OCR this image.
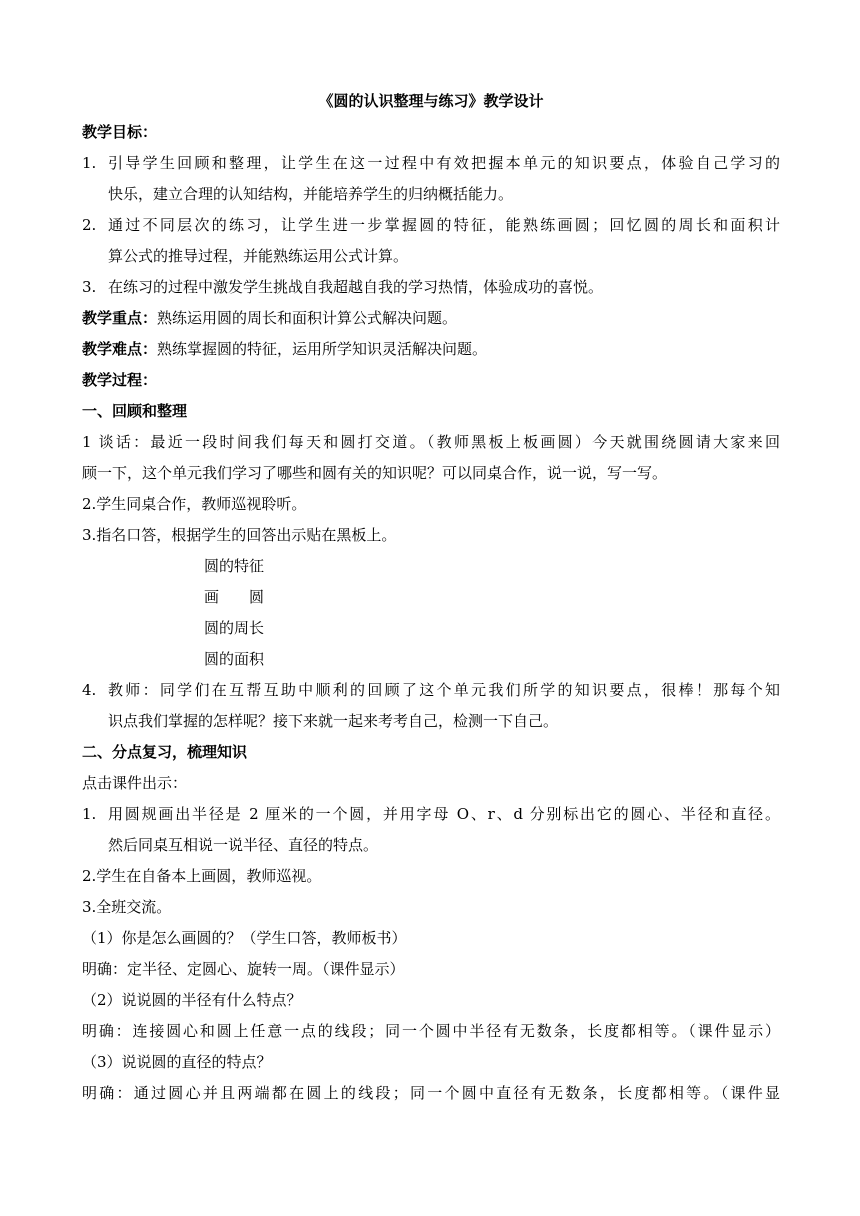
《圆的认识整理与练习》教学设计
教学目标：
1. 引导学生回顾和整理，让学生在这一过程中有效把握本单元的知识要点，体验自己学习的
快乐，建立合理的认知结构，并能培养学生的归纳概括能力。
2. 通过不同层次的练习，让学生进一步掌握圆的特征，能熟练画圆；回忆圆的周长和面积计
算公式的推导过程，并能熟练运用公式计算。
3. 在练习的过程中激发学生挑战自我超越自我的学习热情，体验成功的喜悦。
教学重点：熟练运用圆的周长和面积计算公式解决问题。
教学难点：熟练掌握圆的特征，运用所学知识灵活解决问题。
教学过程：
一、回顾和整理
1 谈话：最近一段时间我们每天和圆打交道。（教师黑板上板画圆）今天就围绕圆请大家来回
顾一下，这个单元我们学习了哪些和圆有关的知识呢？可以同桌合作，说一说，写一写。
2.学生同桌合作，教师巡视聆听。
3.指名口答，根据学生的回答出示贴在黑板上。
圆的特征
画　　圆
圆的周长
圆的面积
4. 教师：同学们在互帮互助中顺利的回顾了这个单元我们所学的知识要点，很棒！那每个知
识点我们掌握的怎样呢？接下来就一起来考考自己，检测一下自己。
二、分点复习，梳理知识
点击课件出示：
1. 用圆规画出半径是 2 厘米的一个圆，并用字母 O、r、d 分别标出它的圆心、半径和直径。
然后同桌互相说一说半径、直径的特点。
2.学生在自备本上画圆，教师巡视。
3.全班交流。
（1）你是怎么画圆的？（学生口答，教师板书）
明确：定半径、定圆心、旋转一周。（课件显示）
（2）说说圆的半径有什么特点？
明确：连接圆心和圆上任意一点的线段；同一个圆中半径有无数条，长度都相等。（课件显示）
（3）说说圆的直径的特点？
明确：通过圆心并且两端都在圆上的线段；同一个圆中直径有无数条，长度都相等。（课件显
